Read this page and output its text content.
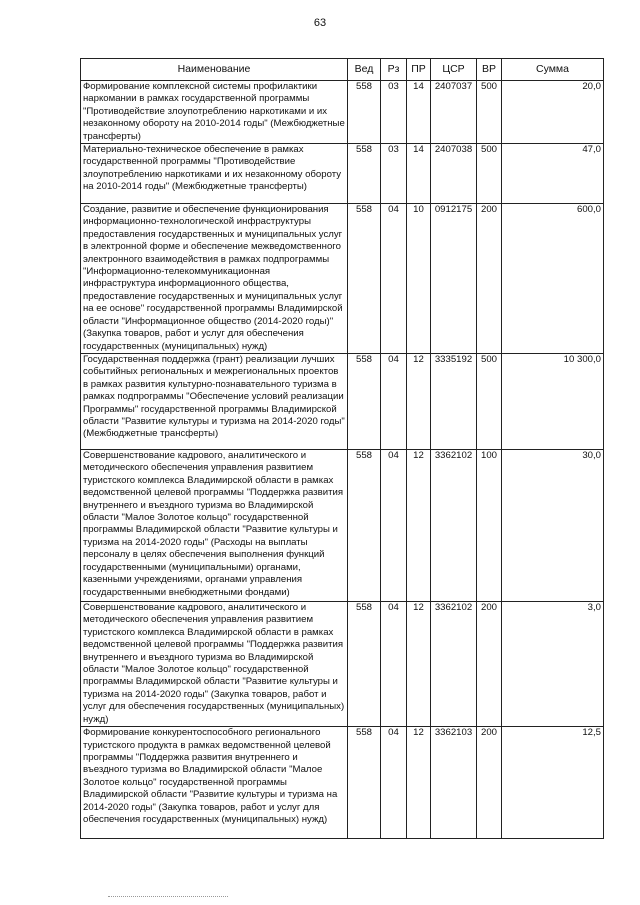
63
Наименование	Вед	Рз	ПР	ЦСР	ВР	Сумма
Формирование комплексной системы профилактики наркомании в рамках государственной программы "Противодействие злоупотреблению наркотиками и их незаконному обороту на 2010-2014 годы" (Межбюджетные трансферты)	558	03	14	2407037	500	20,0
Материально-техническое обеспечение в рамках государственной программы "Противодействие злоупотреблению наркотиками и их незаконному обороту на 2010-2014 годы" (Межбюджетные трансферты)	558	03	14	2407038	500	47,0
Создание, развитие и обеспечение функционирования информационно-технологической инфраструктуры предоставления государственных и муниципальных услуг в электронной форме и обеспечение межведомственного электронного взаимодействия в рамках подпрограммы "Информационно-телекоммуникационная инфраструктура информационного общества, предоставление государственных и муниципальных услуг на ее основе" государственной программы Владимирской области "Информационное общество (2014-2020 годы)" (Закупка товаров, работ и услуг для обеспечения государственных (муниципальных) нужд)	558	04	10	0912175	200	600,0
Государственная поддержка (грант) реализации лучших событийных региональных и межрегиональных проектов в рамках развития культурно-познавательного туризма в рамках подпрограммы "Обеспечение условий реализации Программы" государственной программы Владимирской области "Развитие культуры и туризма на 2014-2020 годы" (Межбюджетные трансферты)	558	04	12	3335192	500	10 300,0
Совершенствование кадрового, аналитического и методического обеспечения управления развитием туристского комплекса Владимирской области в рамках ведомственной целевой программы "Поддержка развития внутреннего и въездного туризма во Владимирской области "Малое Золотое кольцо" государственной программы Владимирской области "Развитие культуры и туризма на 2014-2020 годы" (Расходы на выплаты персоналу в целях обеспечения выполнения функций государственными (муниципальными) органами, казенными учреждениями, органами управления государственными внебюджетными фондами)	558	04	12	3362102	100	30,0
Совершенствование кадрового, аналитического и методического обеспечения управления развитием туристского комплекса Владимирской области в рамках ведомственной целевой программы "Поддержка развития внутреннего и въездного туризма во Владимирской области "Малое Золотое кольцо" государственной программы Владимирской области "Развитие культуры и туризма на 2014-2020 годы" (Закупка товаров, работ и услуг для обеспечения государственных (муниципальных) нужд)	558	04	12	3362102	200	3,0
Формирование конкурентоспособного регионального туристского продукта в рамках ведомственной целевой программы "Поддержка развития внутреннего и въездного туризма во Владимирской области "Малое Золотое кольцо" государственной программы Владимирской области "Развитие культуры и туризма на 2014-2020 годы" (Закупка товаров, работ и услуг для обеспечения государственных (муниципальных) нужд)	558	04	12	3362103	200	12,5
